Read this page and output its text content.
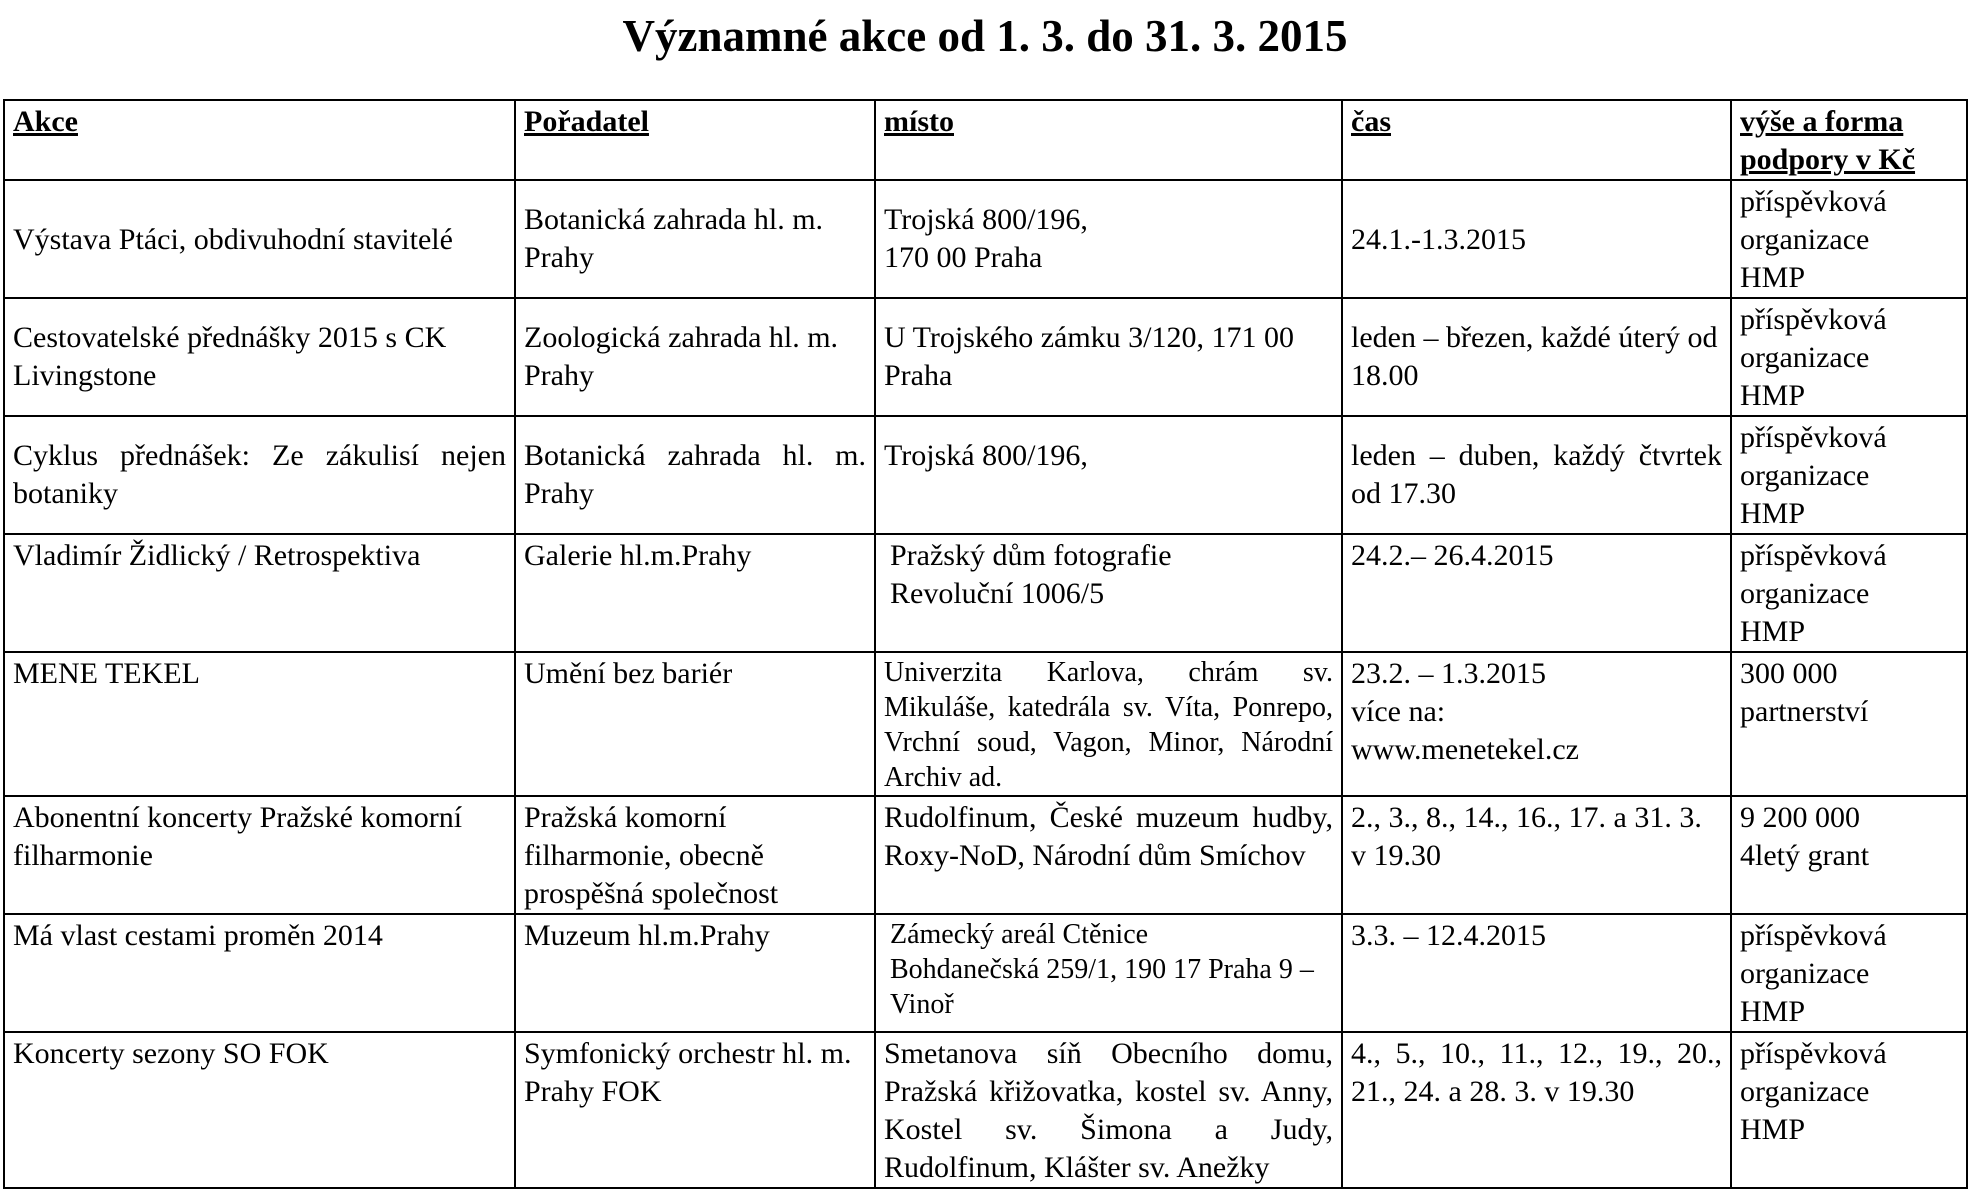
Významné akce od 1. 3. do 31. 3. 2015
Akce	Pořadatel	místo	čas	výše a forma
podpory v Kč
Výstava Ptáci, obdivuhodní stavitelé	Botanická zahrada hl. m. Prahy	Trojská 800/196,
170 00 Praha	24.1.-1.3.2015	příspěvková
organizace
HMP
Cestovatelské přednášky 2015 s CK Livingstone	Zoologická zahrada hl. m. Prahy	U Trojského zámku 3/120, 171 00 Praha	leden – březen, každé úterý od 18.00	příspěvková
organizace
HMP
Cyklus přednášek: Ze zákulisí nejen botaniky	Botanická zahrada hl. m. Prahy	Trojská 800/196,	leden – duben, každý čtvrtek od 17.30	příspěvková
organizace
HMP
Vladimír Židlický / Retrospektiva	Galerie hl.m.Prahy	Pražský dům fotografie
Revoluční 1006/5	24.2.– 26.4.2015	příspěvková
organizace
HMP
MENE TEKEL	Umění bez bariér	Univerzita Karlova, chrám sv. Mikuláše, katedrála sv. Víta, Ponrepo, Vrchní soud, Vagon, Minor, Národní Archiv ad.	23.2. – 1.3.2015
více na:
www.menetekel.cz	300 000
partnerství
Abonentní koncerty Pražské komorní filharmonie	Pražská komorní filharmonie, obecně prospěšná společnost	Rudolfinum, České muzeum hudby, Roxy-NoD, Národní dům Smíchov	2., 3., 8., 14., 16., 17. a 31. 3. v 19.30	9 200 000
4letý grant
Má vlast cestami proměn 2014	Muzeum hl.m.Prahy	Zámecký areál Ctěnice
Bohdanečská 259/1, 190 17 Praha 9 – Vinoř	3.3. – 12.4.2015	příspěvková
organizace
HMP
Koncerty sezony SO FOK	Symfonický orchestr hl. m. Prahy FOK	Smetanova síň Obecního domu, Pražská křižovatka, kostel sv. Anny, Kostel sv. Šimona a Judy, Rudolfinum, Klášter sv. Anežky	4., 5., 10., 11., 12., 19., 20., 21., 24. a 28. 3. v 19.30	příspěvková
organizace
HMP
